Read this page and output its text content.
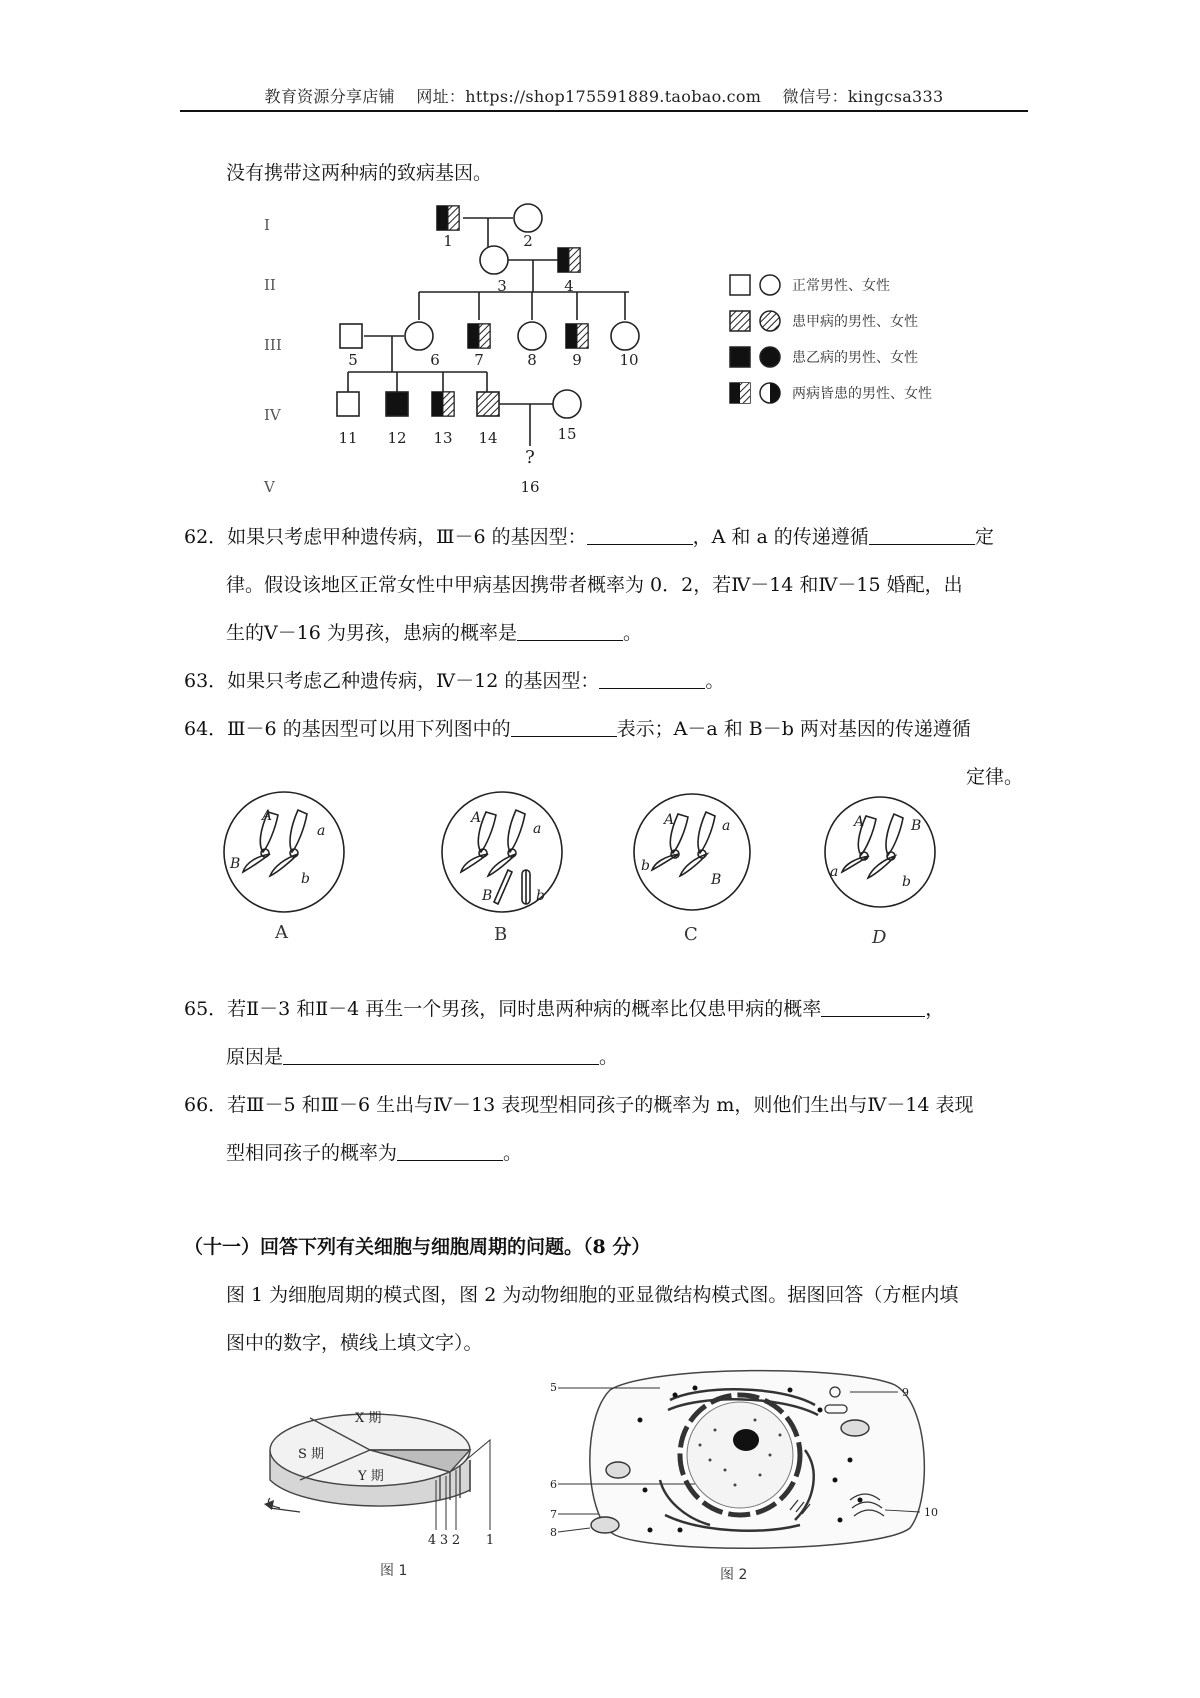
教育资源分享店铺 网址：https://shop175591889.taobao.com 微信号：kingcsa333
没有携带这两种病的致病基因。
I
II
III
IV
V
1	2
3	4
5	6 7	8 9	10
11 12 13 14	15
?
16
正常男性、女性
患甲病的男性、女性
患乙病的男性、女性
两病皆患的男性、女性
62．如果只考虑甲种遗传病，Ⅲ－6 的基因型：	，A 和 a 的传递遵循	定
律。假设该地区正常女性中甲病基因携带者概率为 0．2，若Ⅳ－14 和Ⅳ－15 婚配，出
生的Ⅴ－16 为男孩，患病的概率是	。
63．如果只考虑乙种遗传病，Ⅳ－12 的基因型：	。
64．Ⅲ－6 的基因型可以用下列图中的	表示；A－a 和 B－b 两对基因的传递遵循
定律。
A
a
B
b
A
a
B	b
A	a
b
B
A	B
a
b
A	B	C	D
65．若Ⅱ－3 和Ⅱ－4 再生一个男孩，同时患两种病的概率比仅患甲病的概率	，
原因是	。
66．若Ⅲ－5 和Ⅲ－6 生出与Ⅳ－13 表现型相同孩子的概率为 m，则他们生出与Ⅳ－14 表现
型相同孩子的概率为	。
（十一）回答下列有关细胞与细胞周期的问题。（8 分）
图 1 为细胞周期的模式图，图 2 为动物细胞的亚显微结构模式图。据图回答（方框内填
图中的数字，横线上填文字）。
X 期
S 期
Y 期
4 3 2 1
图 1
5
6
7
8
9
10
图 2
